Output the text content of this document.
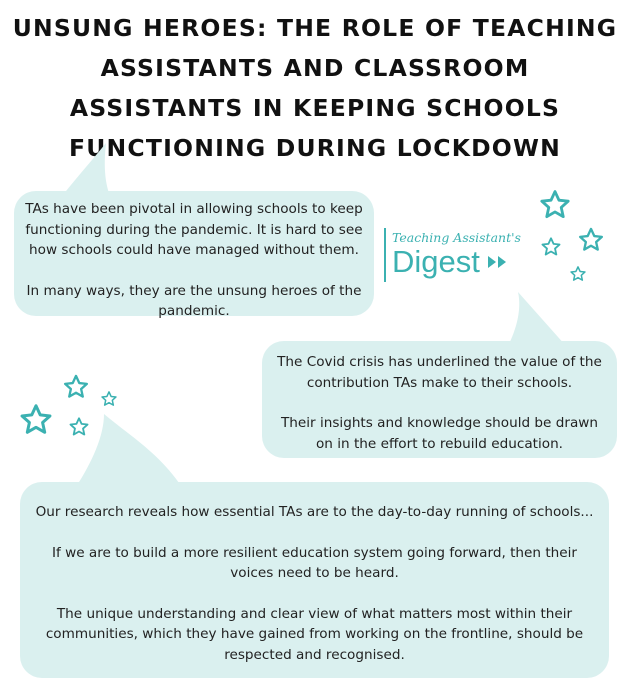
UNSUNG HEROES: THE ROLE OF TEACHING ASSISTANTS AND CLASSROOM ASSISTANTS IN KEEPING SCHOOLS FUNCTIONING DURING LOCKDOWN

TAs have been pivotal in allowing schools to keep functioning during the pandemic. It is hard to see how schools could have managed without them.

In many ways, they are the unsung heroes of the pandemic.

The Covid crisis has underlined the value of the contribution TAs make to their schools.

Their insights and knowledge should be drawn on in the effort to rebuild education.

Our research reveals how essential TAs are to the day-to-day running of schools...

If we are to build a more resilient education system going forward, then their voices need to be heard.

The unique understanding and clear view of what matters most within their communities, which they have gained from working on the frontline, should be respected and recognised.

Teaching Assistant's
Digest
